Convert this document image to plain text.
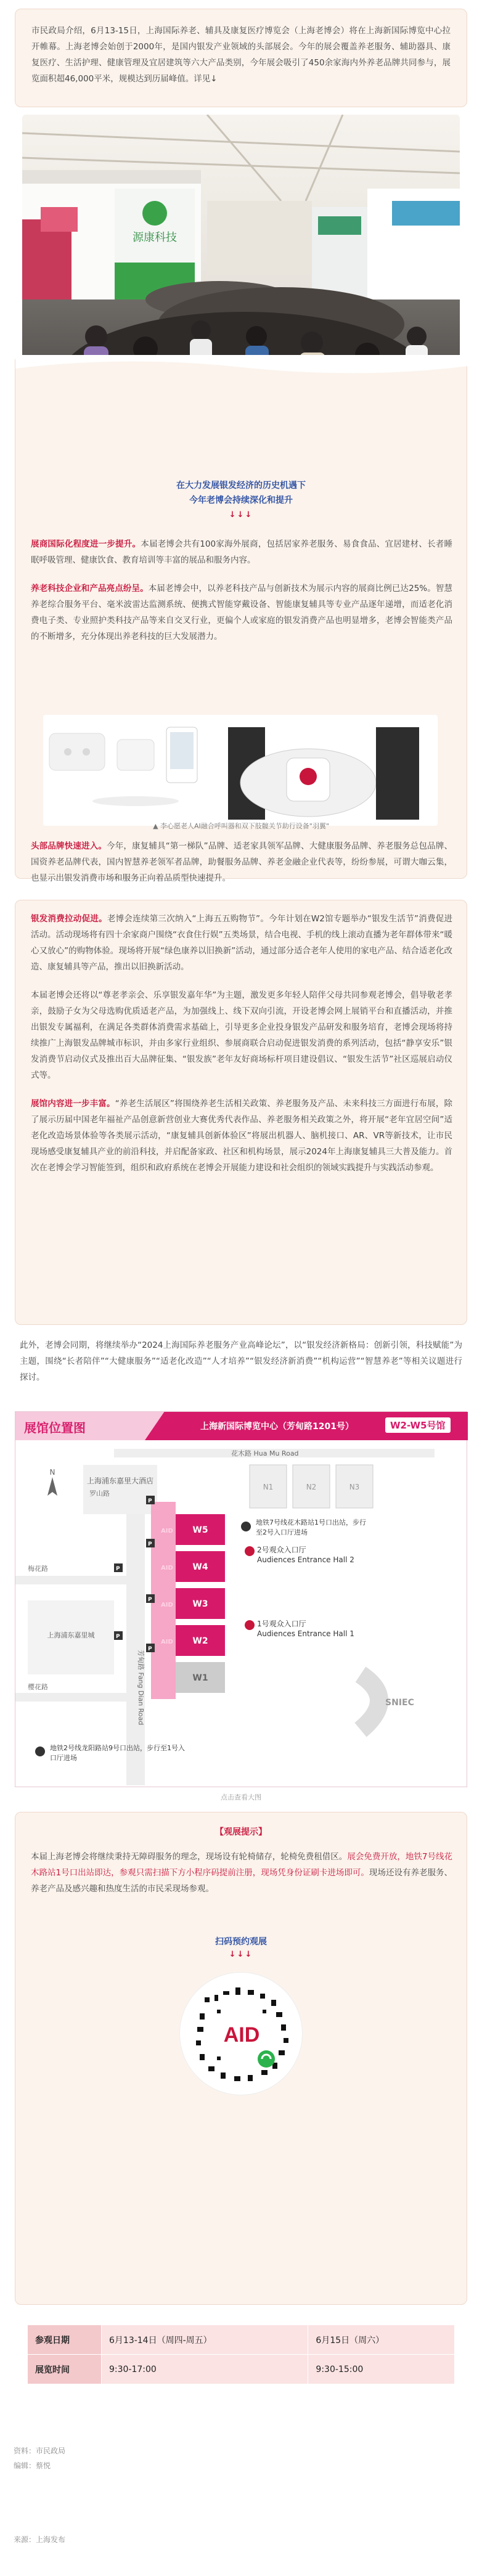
市民政局介绍，6月13-15日，上海国际养老、辅具及康复医疗博览会（上海老博会）将在上海新国际博览中心拉开帷幕。上海老博会始创于2000年，是国内银发产业领域的头部展会。今年的展会覆盖养老服务、辅助器具、康复医疗、生活护理、健康管理及宜居建筑等六大产品类别，今年展会吸引了450余家海内外养老品牌共同参与，展览面积超46,000平米，规模达到历届峰值。详见↓

源康科技
在大力发展银发经济的历史机遇下
今年老博会持续深化和提升
↓↓↓

展商国际化程度进一步提升。本届老博会共有100家海外展商，包括居家养老服务、易食食品、宜居建材、长者睡眠呼吸管理、健康饮食、教育培训等丰富的展品和服务内容。

养老科技企业和产品亮点纷呈。本届老博会中，以养老科技产品与创新技术为展示内容的展商比例已达25%。智慧养老综合服务平台、毫米波雷达监测系统、便携式智能穿戴设备、智能康复辅具等专业产品逐年递增，而适老化消费电子类、专业照护类科技产品等来自交叉行业，更偏个人或家庭的银发消费产品也明显增多，老博会智能类产品的不断增多，充分体现出养老科技的巨大发展潜力。

▲ 李心愿老人AI融合呼叫器和双下肢髋关节助行设备"羽翼"

头部品牌快速进入。今年，康复辅具“第一梯队”品牌、适老家具领军品牌、大健康服务品牌、养老服务总包品牌、国资养老品牌代表，国内智慧养老领军者品牌，助餐服务品牌、养老金融企业代表等，纷纷参展，可谓大咖云集，也显示出银发消费市场和服务正向着品质型快速提升。

银发消费拉动促进。老博会连续第三次纳入“上海五五购物节”。今年计划在W2馆专题举办“银发生活节”消费促进活动。活动现场将有四十余家商户围绕“衣食住行娱”五类场景，结合电视、手机的线上滚动直播为老年群体带来“暖心又放心”的购物体验。现场将开展“绿色康养以旧换新”活动，通过部分适合老年人使用的家电产品、结合适老化改造、康复辅具等产品，推出以旧换新活动。

本届老博会还将以“尊老孝亲会、乐享银发嘉年华”为主题，激发更多年轻人陪伴父母共同参观老博会，倡导敬老孝亲，鼓励子女为父母选购优质适老产品，为加强线上、线下双向引流，开设老博会网上展销平台和直播活动，并推出银发专属福利，在满足各类群体消费需求基础上，引导更多企业投身银发产品研发和服务培育，老博会现场将持续推广上海银发品牌城市标识，并由多家行业组织、参展商联合启动促进银发消费的系列活动，包括“静享安乐”银发消费节启动仪式及推出百大品牌征集、“银发族”老年友好商场标杆项目建设倡议、“银发生活节”社区巡展启动仪式等。

展馆内容进一步丰富。“养老生活展区”将围绕养老生活相关政策、养老服务及产品、未来科技三方面进行布展，除了展示历届中国老年福祉产品创意新营创业大赛优秀代表作品、养老服务相关政策之外，将开展“老年宜居空间”适老化改造场景体验等各类展示活动，“康复辅具创新体验区”将展出机器人、脑机接口、AR、VR等新技术，让市民现场感受康复辅具产业的前沿科技，并启配备家政、社区和机构场景，展示2024年上海康复辅具三大普及能力。首次在老博会学习智能签到，组织和政府系统在老博会开展能力建设和社会组织的领域实践提升与实践活动参观。

此外，老博会同期，将继续举办“2024上海国际养老服务产业高峰论坛”，以“银发经济新格局：创新引领，科技赋能”为主题，围绕“长者陪伴”“大健康服务”“适老化改造”“人才培养”“银发经济新消费”“机构运营”“智慧养老”等相关议题进行探讨。

展馆位置图	上海新国际博览中心（芳甸路1201号）	W2-W5号馆
N1	N2	N3
花木路 Hua Mu Road
N
上海浦东嘉里大酒店
芳甸路 Fang Dian Road
梅花路
樱花路
罗山路
上海浦东嘉里城
W5
W4
W3
W2
W1
AID
AID
AID
AID
P
P
P
P
P
P
SNIEC
地铁7号线花木路站1号口出站，步行至2号入口厅进场
2号观众入口厅
Audiences Entrance Hall 2
1号观众入口厅
Audiences Entrance Hall 1
地铁2号线龙阳路站9号口出站，步行至1号入口厅进场
点击查看大图
【观展提示】
本届上海老博会将继续秉持无障碍服务的理念，现场设有轮椅储存，轮椅免费租借区。展会免费开放，地铁7号线花木路站1号口出站即达，参观只需扫描下方小程序码提前注册，现场凭身份证刷卡进场即可。现场还设有养老服务、养老产品及感兴趣和热度生活的市民采现场参观。
扫码预约观展
↓↓↓
AID
参观日期	6月13-14日（周四-周五）	6月15日（周六）
展览时间	9:30-17:00	9:30-15:00
资料：市民政局
编辑：蔡悦
来源：上海发布
